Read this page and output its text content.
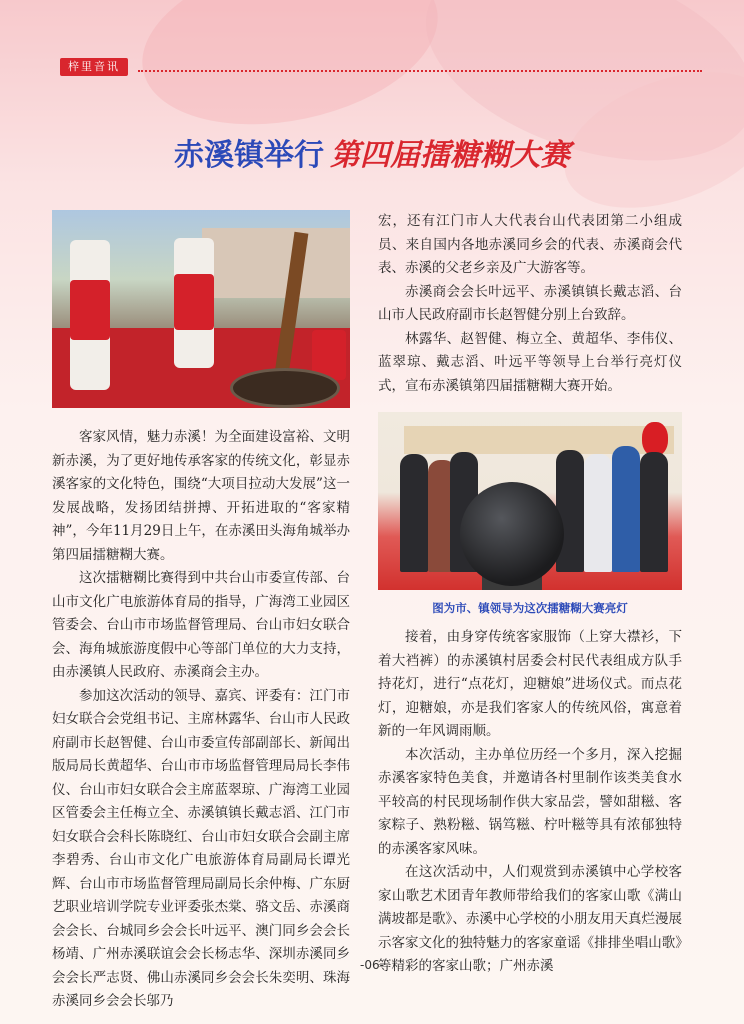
梓里音讯
赤溪镇举行 第四届擂糖糊大赛

客家风情，魅力赤溪！为全面建设富裕、文明新赤溪，为了更好地传承客家的传统文化，彰显赤溪客家的文化特色，围绕“大项目拉动大发展”这一发展战略，发扬团结拼搏、开拓进取的“客家精神”，今年11月29日上午，在赤溪田头海角城举办第四届擂糖糊大赛。

这次擂糖糊比赛得到中共台山市委宣传部、台山市文化广电旅游体育局的指导，广海湾工业园区管委会、台山市市场监督管理局、台山市妇女联合会、海角城旅游度假中心等部门单位的大力支持，由赤溪镇人民政府、赤溪商会主办。

参加这次活动的领导、嘉宾、评委有：江门市妇女联合会党组书记、主席林露华、台山市人民政府副市长赵智健、台山市委宣传部副部长、新闻出版局局长黄超华、台山市市场监督管理局局长李伟仪、台山市妇女联合会主席蓝翠琼、广海湾工业园区管委会主任梅立全、赤溪镇镇长戴志滔、江门市妇女联合会科长陈晓红、台山市妇女联合会副主席李碧秀、台山市文化广电旅游体育局副局长谭光辉、台山市市场监督管理局副局长余仲梅、广东厨艺职业培训学院专业评委张杰棠、骆文岳、赤溪商会会长、台城同乡会会长叶远平、澳门同乡会会长杨靖、广州赤溪联谊会会长杨志华、深圳赤溪同乡会会长严志贤、佛山赤溪同乡会会长朱奕明、珠海赤溪同乡会会长邬乃

宏，还有江门市人大代表台山代表团第二小组成员、来自国内各地赤溪同乡会的代表、赤溪商会代表、赤溪的父老乡亲及广大游客等。

赤溪商会会长叶远平、赤溪镇镇长戴志滔、台山市人民政府副市长赵智健分别上台致辞。

林露华、赵智健、梅立全、黄超华、李伟仪、蓝翠琼、戴志滔、叶远平等领导上台举行亮灯仪式，宣布赤溪镇第四届擂糖糊大赛开始。

图为市、镇领导为这次擂糖糊大赛亮灯

接着，由身穿传统客家服饰（上穿大襟衫，下着大裆裤）的赤溪镇村居委会村民代表组成方队手持花灯，进行“点花灯，迎糖娘”进场仪式。而点花灯，迎糖娘，亦是我们客家人的传统风俗，寓意着新的一年风调雨顺。

本次活动，主办单位历经一个多月，深入挖掘赤溪客家特色美食，并邀请各村里制作该类美食水平较高的村民现场制作供大家品尝，譬如甜糍、客家粽子、熟粉糍、锅笃糍、柠叶糍等具有浓郁独特的赤溪客家风味。

在这次活动中，人们观赏到赤溪镇中心学校客家山歌艺术团青年教师带给我们的客家山歌《满山满坡都是歌》、赤溪中心学校的小朋友用天真烂漫展示客家文化的独特魅力的客家童谣《排排坐唱山歌》等精彩的客家山歌；广州赤溪

-06-
